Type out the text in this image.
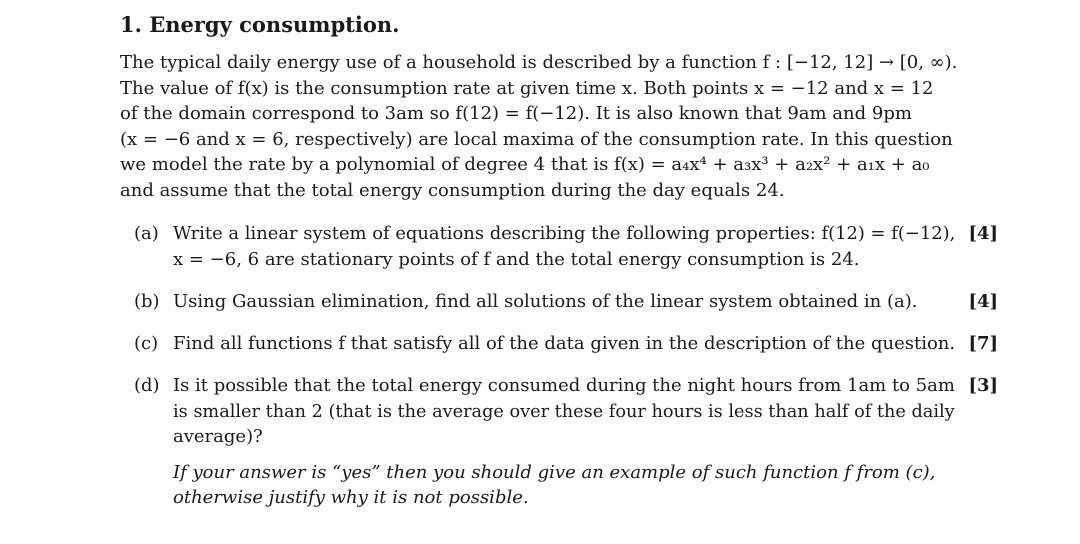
1. Energy consumption.
The typical daily energy use of a household is described by a function f : [−12, 12] → [0, ∞).
The value of f(x) is the consumption rate at given time x. Both points x = −12 and x = 12
of the domain correspond to 3am so f(12) = f(−12). It is also known that 9am and 9pm
(x = −6 and x = 6, respectively) are local maxima of the consumption rate. In this question
we model the rate by a polynomial of degree 4 that is f(x) = a₄x⁴ + a₃x³ + a₂x² + a₁x + a₀
and assume that the total energy consumption during the day equals 24.
(a) Write a linear system of equations describing the following properties: f(12) = f(−12),
x = −6, 6 are stationary points of f and the total energy consumption is 24.
[4]
(b) Using Gaussian elimination, find all solutions of the linear system obtained in (a).	[4]
(c) Find all functions f that satisfy all of the data given in the description of the question. [7]
(d) Is it possible that the total energy consumed during the night hours from 1am to 5am
is smaller than 2 (that is the average over these four hours is less than half of the daily
average)?
If your answer is “yes” then you should give an example of such function f from (c),
otherwise justify why it is not possible.
[3]
